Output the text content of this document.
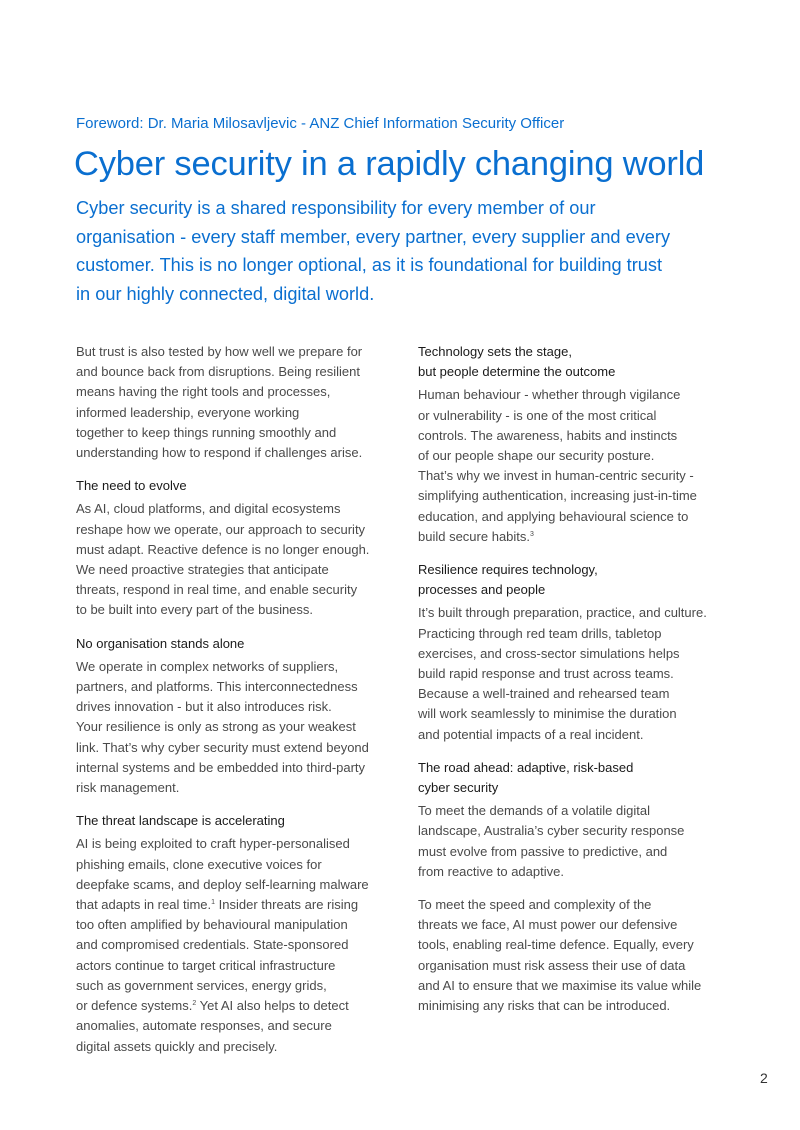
Foreword: Dr. Maria Milosavljevic - ANZ Chief Information Security Officer
Cyber security in a rapidly changing world
Cyber security is a shared responsibility for every member of our
organisation - every staff member, every partner, every supplier and every
customer. This is no longer optional, as it is foundational for building trust
in our highly connected, digital world.
But trust is also tested by how well we prepare for
and bounce back from disruptions. Being resilient
means having the right tools and processes,
informed leadership, everyone working
together to keep things running smoothly and
understanding how to respond if challenges arise.
The need to evolve
As AI, cloud platforms, and digital ecosystems
reshape how we operate, our approach to security
must adapt. Reactive defence is no longer enough.
We need proactive strategies that anticipate
threats, respond in real time, and enable security
to be built into every part of the business.
No organisation stands alone
We operate in complex networks of suppliers,
partners, and platforms. This interconnectedness
drives innovation - but it also introduces risk.
Your resilience is only as strong as your weakest
link. That’s why cyber security must extend beyond
internal systems and be embedded into third-party
risk management.
The threat landscape is accelerating
AI is being exploited to craft hyper-personalised
phishing emails, clone executive voices for
deepfake scams, and deploy self-learning malware
that adapts in real time.$^1$ Insider threats are rising
too often amplified by behavioural manipulation
and compromised credentials. State-sponsored
actors continue to target critical infrastructure
such as government services, energy grids,
or defence systems.$^2$ Yet AI also helps to detect
anomalies, automate responses, and secure
digital assets quickly and precisely.
Technology sets the stage,
but people determine the outcome
Human behaviour - whether through vigilance
or vulnerability - is one of the most critical
controls. The awareness, habits and instincts
of our people shape our security posture.
That’s why we invest in human-centric security -
simplifying authentication, increasing just-in-time
education, and applying behavioural science to
build secure habits.$^3$
Resilience requires technology,
processes and people
It’s built through preparation, practice, and culture.
Practicing through red team drills, tabletop
exercises, and cross-sector simulations helps
build rapid response and trust across teams.
Because a well-trained and rehearsed team
will work seamlessly to minimise the duration
and potential impacts of a real incident.
The road ahead: adaptive, risk-based
cyber security
To meet the demands of a volatile digital
landscape, Australia’s cyber security response
must evolve from passive to predictive, and
from reactive to adaptive.
To meet the speed and complexity of the
threats we face, AI must power our defensive
tools, enabling real-time defence. Equally, every
organisation must risk assess their use of data
and AI to ensure that we maximise its value while
minimising any risks that can be introduced.
2
